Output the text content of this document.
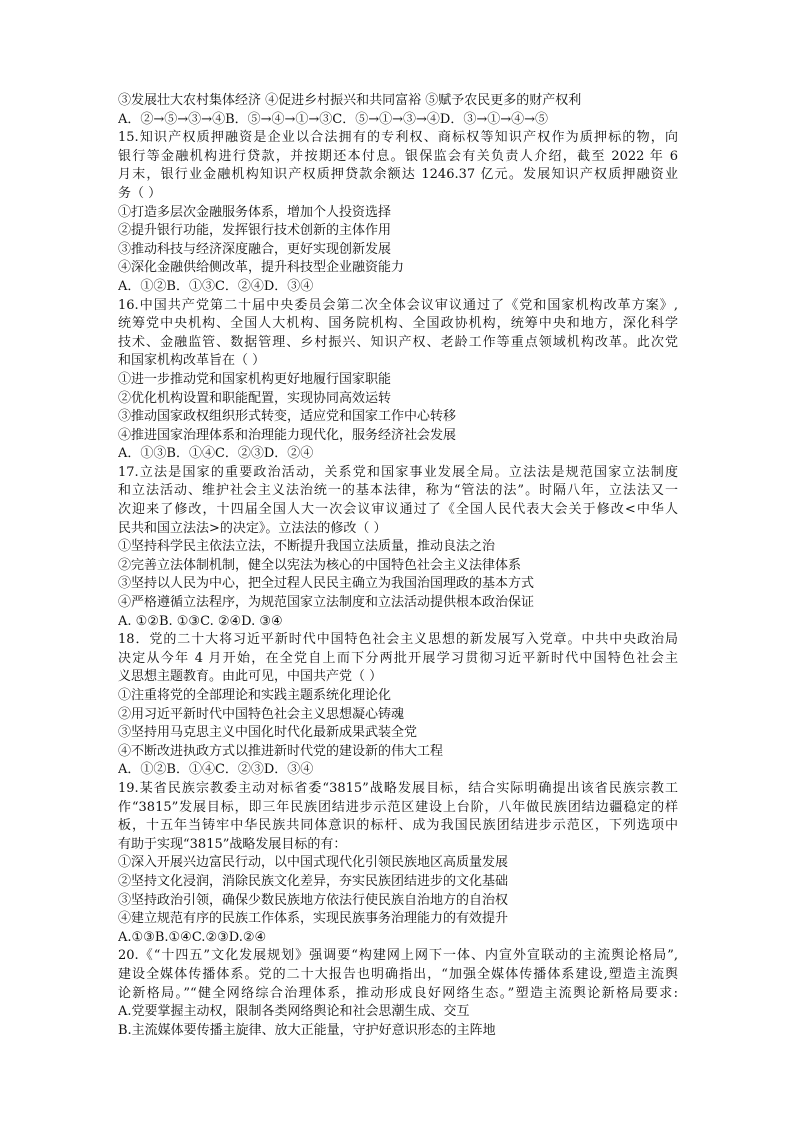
③发展壮大农村集体经济 ④促进乡村振兴和共同富裕 ⑤赋予农民更多的财产权利
A．②→⑤→③→④B．⑤→④→①→③C．⑤→①→③→④D．③→①→④→⑤
15.知识产权质押融资是企业以合法拥有的专利权、商标权等知识产权作为质押标的物，向
银行等金融机构进行贷款，并按期还本付息。银保监会有关负责人介绍，截至 2022 年 6
月末，银行业金融机构知识产权质押贷款余额达 1246.37 亿元。发展知识产权质押融资业
务（ ）
①打造多层次金融服务体系，增加个人投资选择
②提升银行功能，发挥银行技术创新的主体作用
③推动科技与经济深度融合，更好实现创新发展
④深化金融供给侧改革，提升科技型企业融资能力
A．①②B．①③C．②④D．③④
16.中国共产党第二十届中央委员会第二次全体会议审议通过了《党和国家机构改革方案》,
统筹党中央机构、全国人大机构、国务院机构、全国政协机构，统筹中央和地方，深化科学
技术、金融监管、数据管理、乡村振兴、知识产权、老龄工作等重点领域机构改革。此次党
和国家机构改革旨在（ ）
①进一步推动党和国家机构更好地履行国家职能
②优化机构设置和职能配置，实现协同高效运转
③推动国家政权组织形式转变，适应党和国家工作中心转移
④推进国家治理体系和治理能力现代化，服务经济社会发展
A．①③B．①④C．②③D．②④
17.立法是国家的重要政治活动，关系党和国家事业发展全局。立法法是规范国家立法制度
和立法活动、维护社会主义法治统一的基本法律，称为“管法的法”。时隔八年，立法法又一
次迎来了修改，十四届全国人大一次会议审议通过了《全国人民代表大会关于修改<中华人
民共和国立法法>的决定》。立法法的修改（ ）
①坚持科学民主依法立法，不断提升我国立法质量，推动良法之治
②完善立法体制机制，健全以宪法为核心的中国特色社会主义法律体系
③坚持以人民为中心，把全过程人民民主确立为我国治国理政的基本方式
④严格遵循立法程序，为规范国家立法制度和立法活动提供根本政治保证
A. ①②B. ①③C. ②④D. ③④
18．党的二十大将习近平新时代中国特色社会主义思想的新发展写入党章。中共中央政治局
决定从今年 4 月开始，在全党自上而下分两批开展学习贯彻习近平新时代中国特色社会主
义思想主题教育。由此可见，中国共产党（ ）
①注重将党的全部理论和实践主题系统化理论化
②用习近平新时代中国特色社会主义思想凝心铸魂
③坚持用马克思主义中国化时代化最新成果武装全党
④不断改进执政方式以推进新时代党的建设新的伟大工程
A．①②B．①④C．②③D．③④
19.某省民族宗教委主动对标省委“3815”战略发展目标，结合实际明确提出该省民族宗教工
作“3815”发展目标，即三年民族团结进步示范区建设上台阶，八年做民族团结边疆稳定的样
板，十五年当铸牢中华民族共同体意识的标杆、成为我国民族团结进步示范区，下列选项中
有助于实现“3815”战略发展目标的有：
①深入开展兴边富民行动，以中国式现代化引领民族地区高质量发展
②坚持文化浸润，消除民族文化差异，夯实民族团结进步的文化基础
③坚持政治引领，确保少数民族地方依法行使民族自治地方的自治权
④建立规范有序的民族工作体系，实现民族事务治理能力的有效提升
A.①③B.①④C.②③D.②④
20.《“十四五”文化发展规划》强调要“构建网上网下一体、内宣外宣联动的主流舆论格局”,
建设全媒体传播体系。党的二十大报告也明确指出，“加强全媒体传播体系建设,塑造主流舆
论新格局。”“健全网络综合治理体系，推动形成良好网络生态。”塑造主流舆论新格局要求:
A.党要掌握主动权，限制各类网络舆论和社会思潮生成、交互
B.主流媒体要传播主旋律、放大正能量，守护好意识形态的主阵地
